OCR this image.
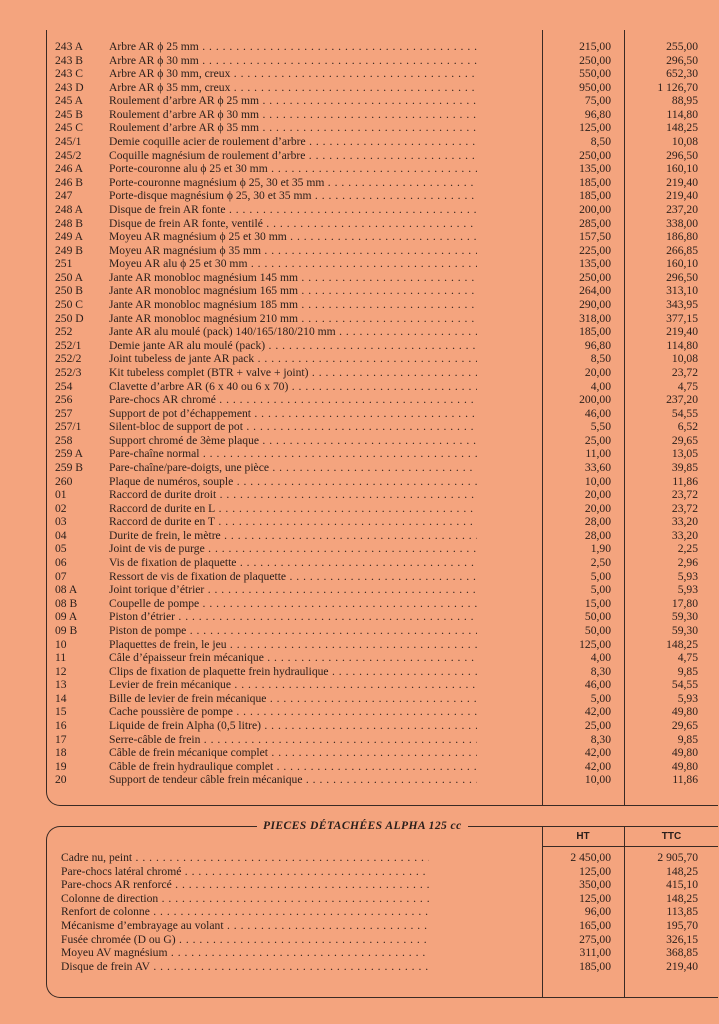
243 A Arbre AR ϕ 25 mm . . .	215,00	255,00
243 B Arbre AR ϕ 30 mm . . .	250,00	296,50
243 C Arbre AR ϕ 30 mm, creux . . .	550,00	652,30
243 D Arbre AR ϕ 35 mm, creux . . .	950,00	1 126,70
245 A Roulement d’arbre AR ϕ 25 mm . . .	75,00	88,95
245 B Roulement d’arbre AR ϕ 30 mm . . .	96,80	114,80
245 C Roulement d’arbre AR ϕ 35 mm . . .	125,00	148,25
245/1 Demie coquille acier de roulement d’arbre . . .	8,50	10,08
245/2 Coquille magnésium de roulement d’arbre . . .	250,00	296,50
246 A Porte-couronne alu ϕ 25 et 30 mm . . .	135,00	160,10
246 B Porte-couronne magnésium ϕ 25, 30 et 35 mm . . .	185,00	219,40
247	Porte-disque magnésium ϕ 25, 30 et 35 mm . . .	185,00	219,40
248 A Disque de frein AR fonte . . .	200,00	237,20
248 B Disque de frein AR fonte, ventilé . . .	285,00	338,00
249 A Moyeu AR magnésium ϕ 25 et 30 mm . . .	157,50	186,80
249 B Moyeu AR magnésium ϕ 35 mm . . .	225,00	266,85
251	Moyeu AR alu ϕ 25 et 30 mm . . .	135,00	160,10
250 A Jante AR monobloc magnésium 145 mm . . .	250,00	296,50
250 B Jante AR monobloc magnésium 165 mm . . .	264,00	313,10
250 C Jante AR monobloc magnésium 185 mm . . .	290,00	343,95
250 D Jante AR monobloc magnésium 210 mm . . .	318,00	377,15
252	Jante AR alu moulé (pack) 140/165/180/210 mm . . .	185,00	219,40
252/1 Demie jante AR alu moulé (pack) . . .	96,80	114,80
252/2 Joint tubeless de jante AR pack . . .	8,50	10,08
252/3 Kit tubeless complet (BTR + valve + joint) . . .	20,00	23,72
254	Clavette d’arbre AR (6 x 40 ou 6 x 70) . . .	4,00	4,75
256	Pare-chocs AR chromé . . .	200,00	237,20
257	Support de pot d’échappement . . .	46,00	54,55
257/1 Silent-bloc de support de pot . . .	5,50	6,52
258	Support chromé de 3ème plaque . . .	25,00	29,65
259 A Pare-chaîne normal . . .	11,00	13,05
259 B Pare-chaîne/pare-doigts, une pièce . . .	33,60	39,85
260	Plaque de numéros, souple . . .	10,00	11,86
01	Raccord de durite droit . . .	20,00	23,72
02	Raccord de durite en L . . .	20,00	23,72
03	Raccord de durite en T . . .	28,00	33,20
04	Durite de frein, le mètre . . .	28,00	33,20
05	Joint de vis de purge . . .	1,90	2,25
06	Vis de fixation de plaquette . . .	2,50	2,96
07	Ressort de vis de fixation de plaquette . . .	5,00	5,93
08 A	Joint torique d’étrier . . .	5,00	5,93
08 B	Coupelle de pompe . . .	15,00	17,80
09 A	Piston d’étrier . . .	50,00	59,30
09 B	Piston de pompe . . .	50,00	59,30
10	Plaquettes de frein, le jeu . . .	125,00	148,25
11	Câle d’épaisseur frein mécanique . . .	4,00	4,75
12	Clips de fixation de plaquette frein hydraulique . . .	8,30	9,85
13	Levier de frein mécanique . . .	46,00	54,55
14	Bille de levier de frein mécanique . . .	5,00	5,93
15	Cache poussière de pompe . . .	42,00	49,80
16	Liquide de frein Alpha (0,5 litre) . . .	25,00	29,65
17	Serre-câble de frein . . .	8,30	9,85
18	Câble de frein mécanique complet . . .	42,00	49,80
19	Câble de frein hydraulique complet . . .	42,00	49,80
20	Support de tendeur câble frein mécanique . . .	10,00	11,86
PIECES DÉTACHÉES ALPHA 125 cc
HT	TTC
Cadre nu, peint . . .	2 450,00	2 905,70
Pare-chocs latéral chromé . . .	125,00	148,25
Pare-chocs AR renforcé . . .	350,00	415,10
Colonne de direction . . .	125,00	148,25
Renfort de colonne . . .	96,00	113,85
Mécanisme d’embrayage au volant . . .	165,00	195,70
Fusée chromée (D ou G) . . .	275,00	326,15
Moyeu AV magnésium . . .	311,00	368,85
Disque de frein AV . . .	185,00	219,40
